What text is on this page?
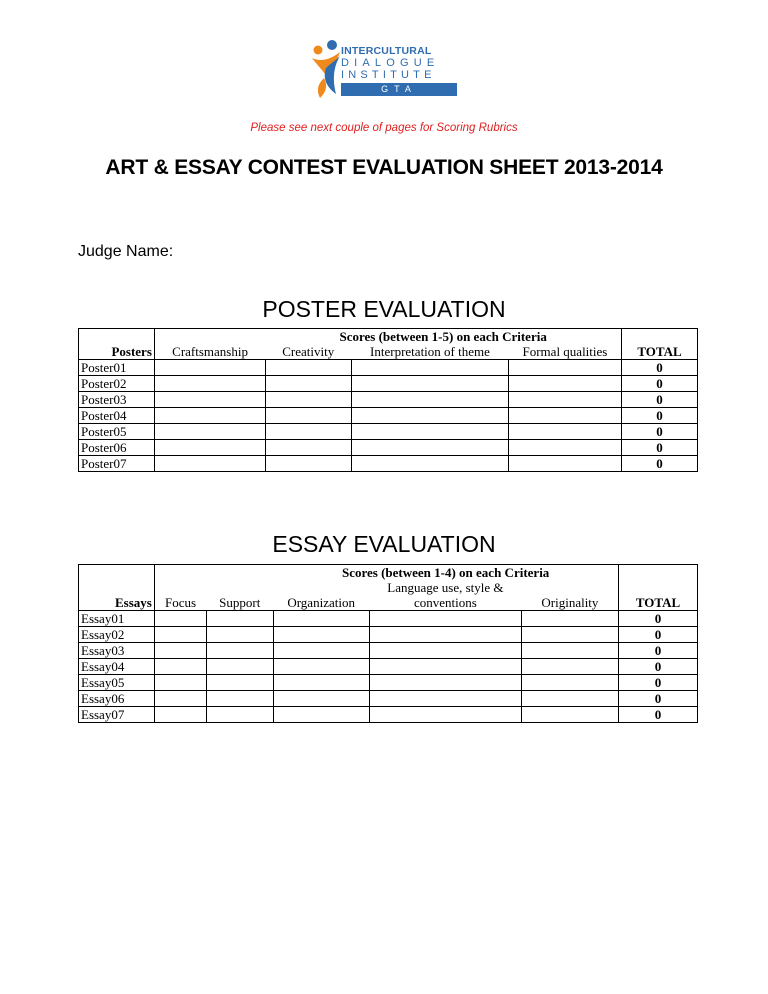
INTERCULTURAL
DIALOGUE
INSTITUTE
GTA
Please see next couple of pages for Scoring Rubrics
ART & ESSAY CONTEST EVALUATION SHEET 2013-2014
Judge Name:
POSTER EVALUATION
		Scores (between 1-5) on each Criteria			
Posters	Craftsmanship	Creativity	Interpretation of theme	Formal qualities	TOTAL
Poster01					0
Poster02					0
Poster03					0
Poster04					0
Poster05					0
Poster06					0
Poster07					0
ESSAY EVALUATION
Essays			Scores (between 1-4) on each Criteria			TOTAL
	Focus	Support	Organization	Language use, style & conventions	Originality	

Essay01						0
Essay02						0
Essay03						0
Essay04						0
Essay05						0
Essay06						0
Essay07						0
